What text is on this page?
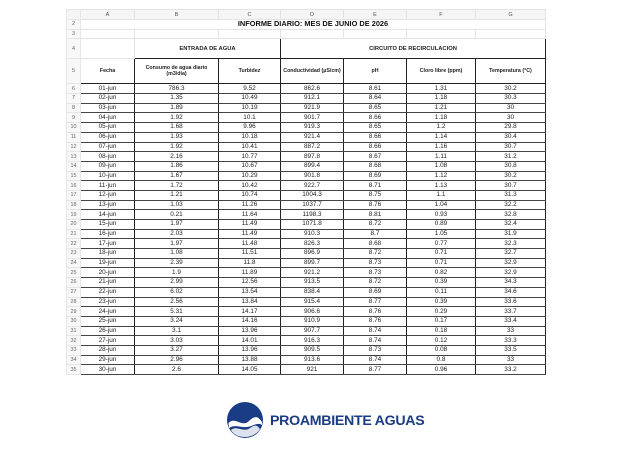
	A	B	C	D	E	F	G
2	INFORME DIARIO: MES DE JUNIO DE 2026						
3							
4		ENTRADA DE AGUA		CIRCUITO DE RECIRCULACION			
5	Fecha	Consumo de agua diario (m3/día)	Turbidez	Conductividad (µS/cm)	pH	Cloro libre (ppm)	Temperatura (°C)
6	01-jun	786.3	9.52	862.6	8.61	1.31	30.2
7	02-jun	1.35	10.49	912.1	8.64	1.18	30.3
8	03-jun	1.89	10.19	921.9	8.65	1.21	30
9	04-jun	1.92	10.1	901.7	8.66	1.18	30
10	05-jun	1.68	9.96	919.3	8.65	1.2	29.8
11	06-jun	1.93	10.18	921.4	8.66	1.14	30.4
12	07-jun	1.92	10.41	887.2	8.66	1.16	30.7
13	08-jun	2.16	10.77	897.8	8.67	1.11	31.2
14	09-jun	1.86	10.67	899.4	8.68	1.08	30.8
15	10-jun	1.67	10.29	901.8	8.69	1.12	30.2
16	11-jun	1.72	10.42	922.7	8.71	1.13	30.7
17	12-jun	1.21	10.74	1004.3	8.75	1.1	31.3
18	13-jun	1.03	11.26	1037.7	8.76	1.04	32.2
19	14-jun	0.21	11.64	1198.3	8.81	0.93	32.8
20	15-jun	1.97	11.49	1071.8	8.72	0.89	32.4
21	16-jun	2.03	11.49	910.3	8.7	1.05	31.9
22	17-jun	1.97	11.48	826.3	8.68	0.77	32.3
23	18-jun	1.08	11.51	896.9	8.72	0.71	32.7
24	19-jun	2.39	11.8	899.7	8.73	0.71	32.9
25	20-jun	1.9	11.89	921.2	8.73	0.82	32.9
26	21-jun	2.99	12.56	913.5	8.72	0.39	34.3
27	22-jun	6.02	13.54	838.4	8.69	0.11	34.6
28	23-jun	2.56	13.84	915.4	8.77	0.39	33.6
29	24-jun	5.31	14.17	906.6	8.76	0.29	33.7
30	25-jun	3.24	14.16	910.9	8.76	0.17	33.4
31	26-jun	3.1	13.96	907.7	8.74	0.18	33
32	27-jun	3.03	14.01	916.3	8.74	0.12	33.3
33	28-jun	3.27	13.96	909.5	8.73	0.08	33.5
34	29-jun	2.96	13.88	913.6	8.74	0.8	33
35	30-jun	2.6	14.05	921	8.77	0.96	33.2
PROAMBIENTE AGUAS
